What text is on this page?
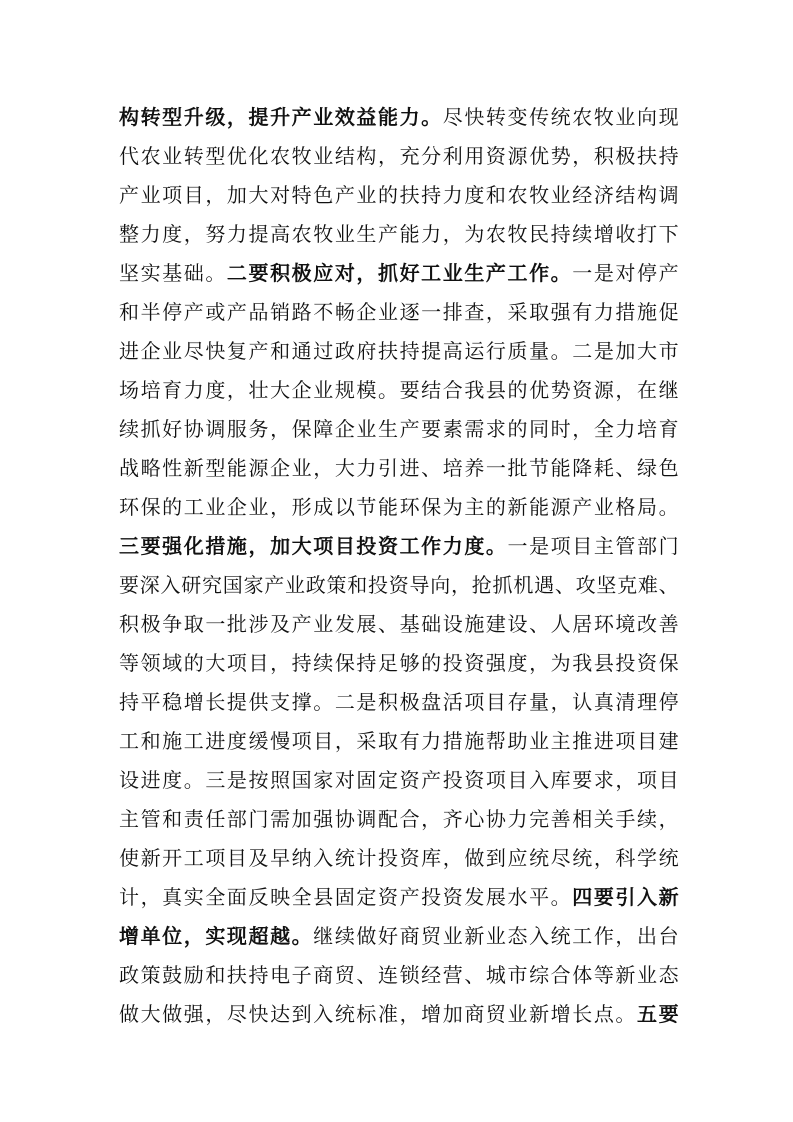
构转型升级，提升产业效益能力。尽快转变传统农牧业向现
代农业转型优化农牧业结构，充分利用资源优势，积极扶持
产业项目，加大对特色产业的扶持力度和农牧业经济结构调
整力度，努力提高农牧业生产能力，为农牧民持续增收打下
坚实基础。二要积极应对，抓好工业生产工作。一是对停产
和半停产或产品销路不畅企业逐一排查，采取强有力措施促
进企业尽快复产和通过政府扶持提高运行质量。二是加大市
场培育力度，壮大企业规模。要结合我县的优势资源，在继
续抓好协调服务，保障企业生产要素需求的同时，全力培育
战略性新型能源企业，大力引进、培养一批节能降耗、绿色
环保的工业企业，形成以节能环保为主的新能源产业格局。
三要强化措施，加大项目投资工作力度。一是项目主管部门
要深入研究国家产业政策和投资导向，抢抓机遇、攻坚克难、
积极争取一批涉及产业发展、基础设施建设、人居环境改善
等领域的大项目，持续保持足够的投资强度，为我县投资保
持平稳增长提供支撑。二是积极盘活项目存量，认真清理停
工和施工进度缓慢项目，采取有力措施帮助业主推进项目建
设进度。三是按照国家对固定资产投资项目入库要求，项目
主管和责任部门需加强协调配合，齐心协力完善相关手续，
使新开工项目及早纳入统计投资库，做到应统尽统，科学统
计，真实全面反映全县固定资产投资发展水平。四要引入新
增单位，实现超越。继续做好商贸业新业态入统工作，出台
政策鼓励和扶持电子商贸、连锁经营、城市综合体等新业态
做大做强，尽快达到入统标准，增加商贸业新增长点。五要
